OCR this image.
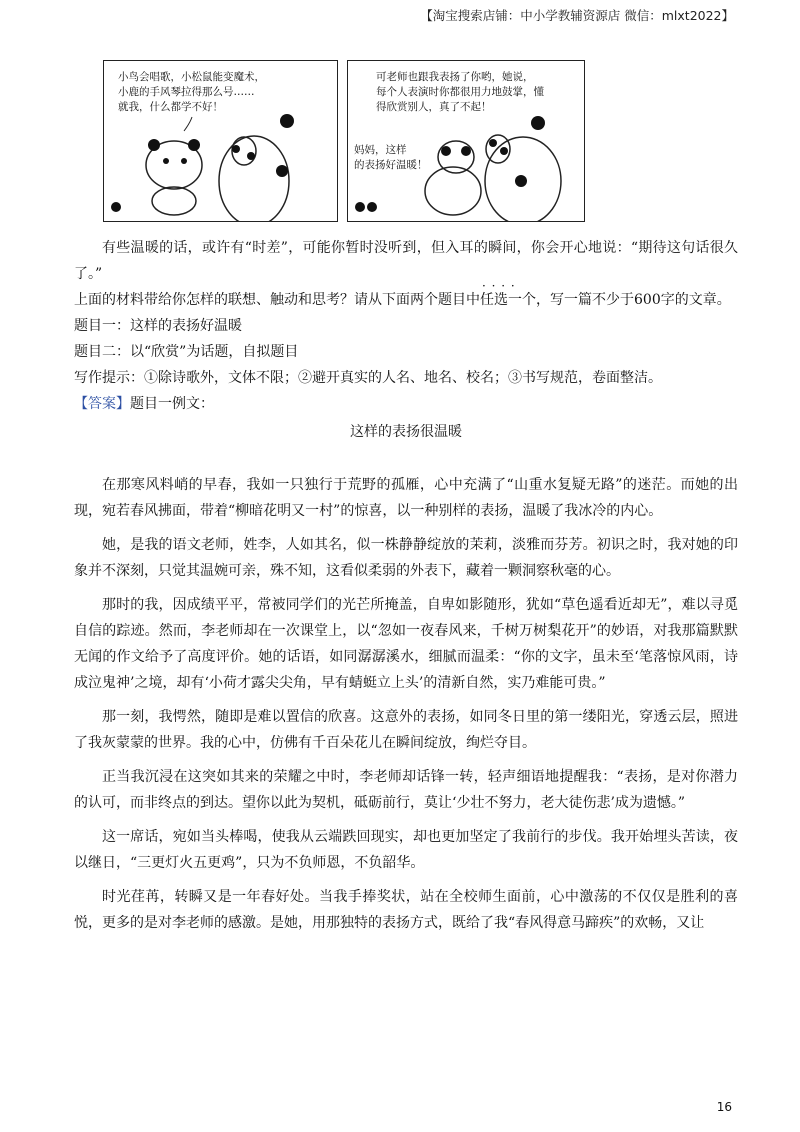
【淘宝搜索店铺：中小学教辅资源店 微信：mlxt2022】
小鸟会唱歌，小松鼠能变魔术，
小鹿的手风琴拉得那么号……
就我，什么都学不好！
可老师也跟我表扬了你哟，她说，
每个人表演时你都很用力地鼓掌，懂
得欣赏别人，真了不起！
妈妈，这样
的表扬好温暖！

有些温暖的话，或许有“时差”，可能你暂时没听到，但入耳的瞬间，你会开心地说：“期待这句话很久了。”

上面的材料带给你怎样的联想、触动和思考？请从下面两个题目中· · 任选一个，写一篇不少于600字的文章。

题目一：这样的表扬好温暖

题目二：以“欣赏”为话题，自拟题目

写作提示：①除诗歌外，文体不限；②避开真实的人名、地名、校名；③书写规范，卷面整洁。

【答案】题目一例文：

这样的表扬很温暖

在那寒风料峭的早春，我如一只独行于荒野的孤雁，心中充满了“山重水复疑无路”的迷茫。而她的出现，宛若春风拂面，带着“柳暗花明又一村”的惊喜，以一种别样的表扬，温暖了我冰冷的内心。

她，是我的语文老师，姓李，人如其名，似一株静静绽放的茉莉，淡雅而芬芳。初识之时，我对她的印象并不深刻，只觉其温婉可亲，殊不知，这看似柔弱的外表下，藏着一颗洞察秋毫的心。

那时的我，因成绩平平，常被同学们的光芒所掩盖，自卑如影随形，犹如“草色遥看近却无”，难以寻觅自信的踪迹。然而，李老师却在一次课堂上，以“忽如一夜春风来，千树万树梨花开”的妙语，对我那篇默默无闻的作文给予了高度评价。她的话语，如同潺潺溪水，细腻而温柔：“你的文字，虽未至‘笔落惊风雨，诗成泣鬼神’之境，却有‘小荷才露尖尖角，早有蜻蜓立上头’的清新自然，实乃难能可贵。”

那一刻，我愕然，随即是难以置信的欣喜。这意外的表扬，如同冬日里的第一缕阳光，穿透云层，照进了我灰蒙蒙的世界。我的心中，仿佛有千百朵花儿在瞬间绽放，绚烂夺目。

正当我沉浸在这突如其来的荣耀之中时，李老师却话锋一转，轻声细语地提醒我：“表扬，是对你潜力的认可，而非终点的到达。望你以此为契机，砥砺前行，莫让‘少壮不努力，老大徒伤悲’成为遗憾。”

这一席话，宛如当头棒喝，使我从云端跌回现实，却也更加坚定了我前行的步伐。我开始埋头苦读，夜以继日，“三更灯火五更鸡”，只为不负师恩，不负韶华。

时光荏苒，转瞬又是一年春好处。当我手捧奖状，站在全校师生面前，心中激荡的不仅仅是胜利的喜悦，更多的是对李老师的感激。是她，用那独特的表扬方式，既给了我“春风得意马蹄疾”的欢畅，又让

16
